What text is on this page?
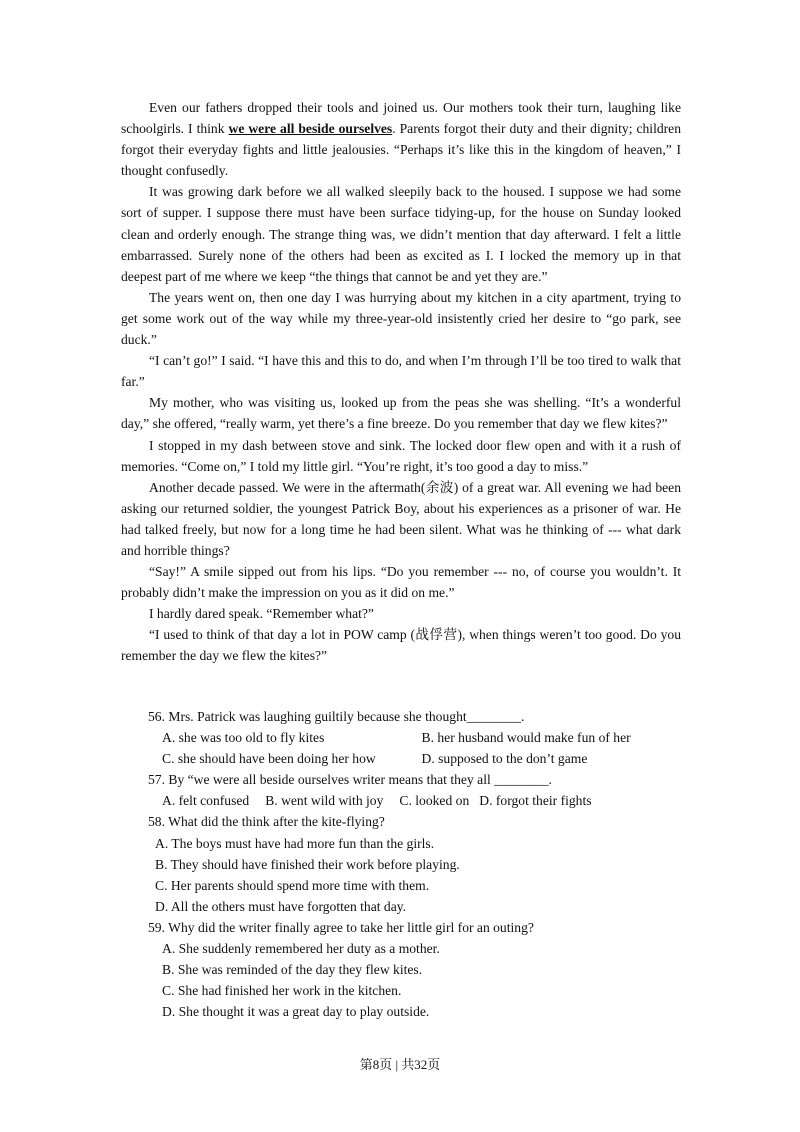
Even our fathers dropped their tools and joined us. Our mothers took their turn, laughing like schoolgirls. I think we were all beside ourselves. Parents forgot their duty and their dignity; children forgot their everyday fights and little jealousies. “Perhaps it’s like this in the kingdom of heaven,” I thought confusedly.

It was growing dark before we all walked sleepily back to the housed. I suppose we had some sort of supper. I suppose there must have been surface tidying-up, for the house on Sunday looked clean and orderly enough. The strange thing was, we didn’t mention that day afterward. I felt a little embarrassed. Surely none of the others had been as excited as I. I locked the memory up in that deepest part of me where we keep “the things that cannot be and yet they are.”

The years went on, then one day I was hurrying about my kitchen in a city apartment, trying to get some work out of the way while my three-year-old insistently cried her desire to “go park, see duck.”

“I can’t go!” I said. “I have this and this to do, and when I’m through I’ll be too tired to walk that far.”

My mother, who was visiting us, looked up from the peas she was shelling. “It’s a wonderful day,” she offered, “really warm, yet there’s a fine breeze. Do you remember that day we flew kites?”

I stopped in my dash between stove and sink. The locked door flew open and with it a rush of memories. “Come on,” I told my little girl. “You’re right, it’s too good a day to miss.”

Another decade passed. We were in the aftermath(余波) of a great war. All evening we had been asking our returned soldier, the youngest Patrick Boy, about his experiences as a prisoner of war. He had talked freely, but now for a long time he had been silent. What was he thinking of --- what dark and horrible things?

“Say!” A smile sipped out from his lips. “Do you remember --- no, of course you wouldn’t. It probably didn’t make the impression on you as it did on me.”

I hardly dared speak. “Remember what?”

“I used to think of that day a lot in POW camp (战俘营), when things weren’t too good. Do you remember the day we flew the kites?”

56. Mrs. Patrick was laughing guiltily because she thought________.
A. she was too old to fly kites	B. her husband would make fun of her
C. she should have been doing her how	D. supposed to the don’t game
57. By “we were all beside ourselves writer means that they all ________.
A. felt confused B. went wild with joy C. looked on D. forgot their fights
58. What did the think after the kite-flying?
A. The boys must have had more fun than the girls.
B. They should have finished their work before playing.
C. Her parents should spend more time with them.
D. All the others must have forgotten that day.
59. Why did the writer finally agree to take her little girl for an outing?
A. She suddenly remembered her duty as a mother.
B. She was reminded of the day they flew kites.
C. She had finished her work in the kitchen.
D. She thought it was a great day to play outside.
第8页 | 共32页
